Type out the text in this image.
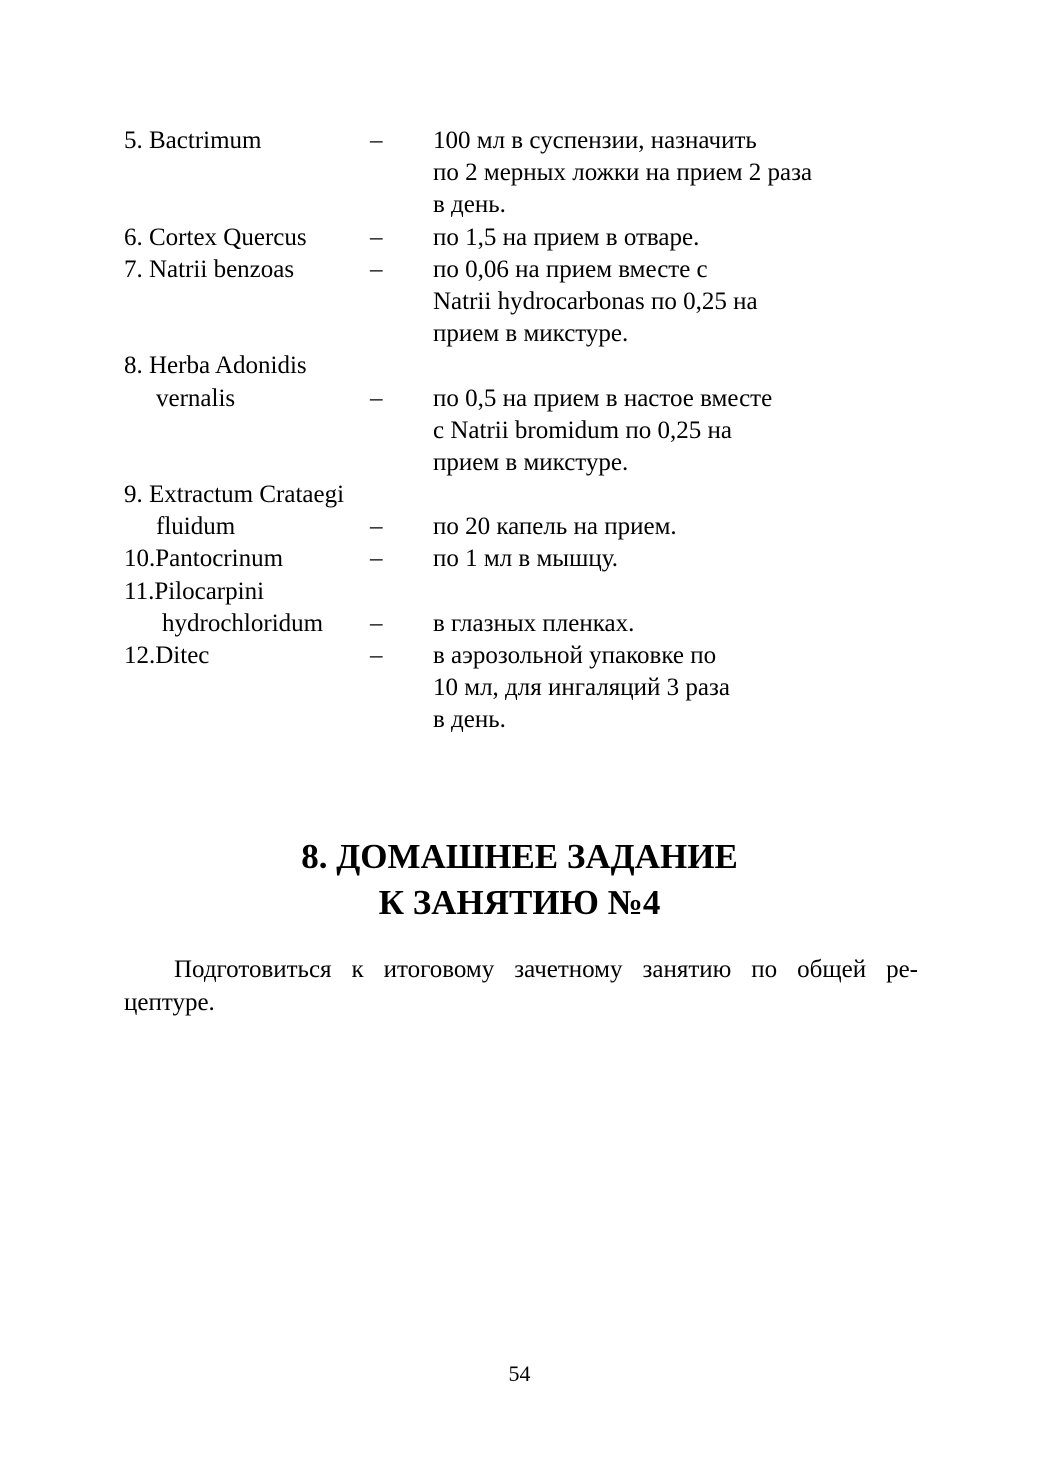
5. Bactrimum	– 100 мл в суспензии, назначить
по 2 мерных ложки на прием 2 раза
в день.
6. Cortex Quercus	– по 1,5 на прием в отваре.
7. Natrii benzoas	– по 0,06 на прием вместе с
Natrii hydrocarbonas по 0,25 на
прием в микстуре.
8. Herba Adonidis
vernalis	– по 0,5 на прием в настое вместе
с Natrii bromidum по 0,25 на
прием в микстуре.
9. Extractum Crataegi
fluidum	– по 20 капель на прием.
10.Pantocrinum	– по 1 мл в мышцу.
11.Pilocarpini
hydrochloridum – в глазных пленках.
12.Ditec	– в аэрозольной упаковке по
10 мл, для ингаляций 3 раза
в день.
8. ДОМАШНЕЕ ЗАДАНИЕ
К ЗАНЯТИЮ №4
Подготовиться к итоговому зачетному занятию по общей ре-
цептуре.
54
